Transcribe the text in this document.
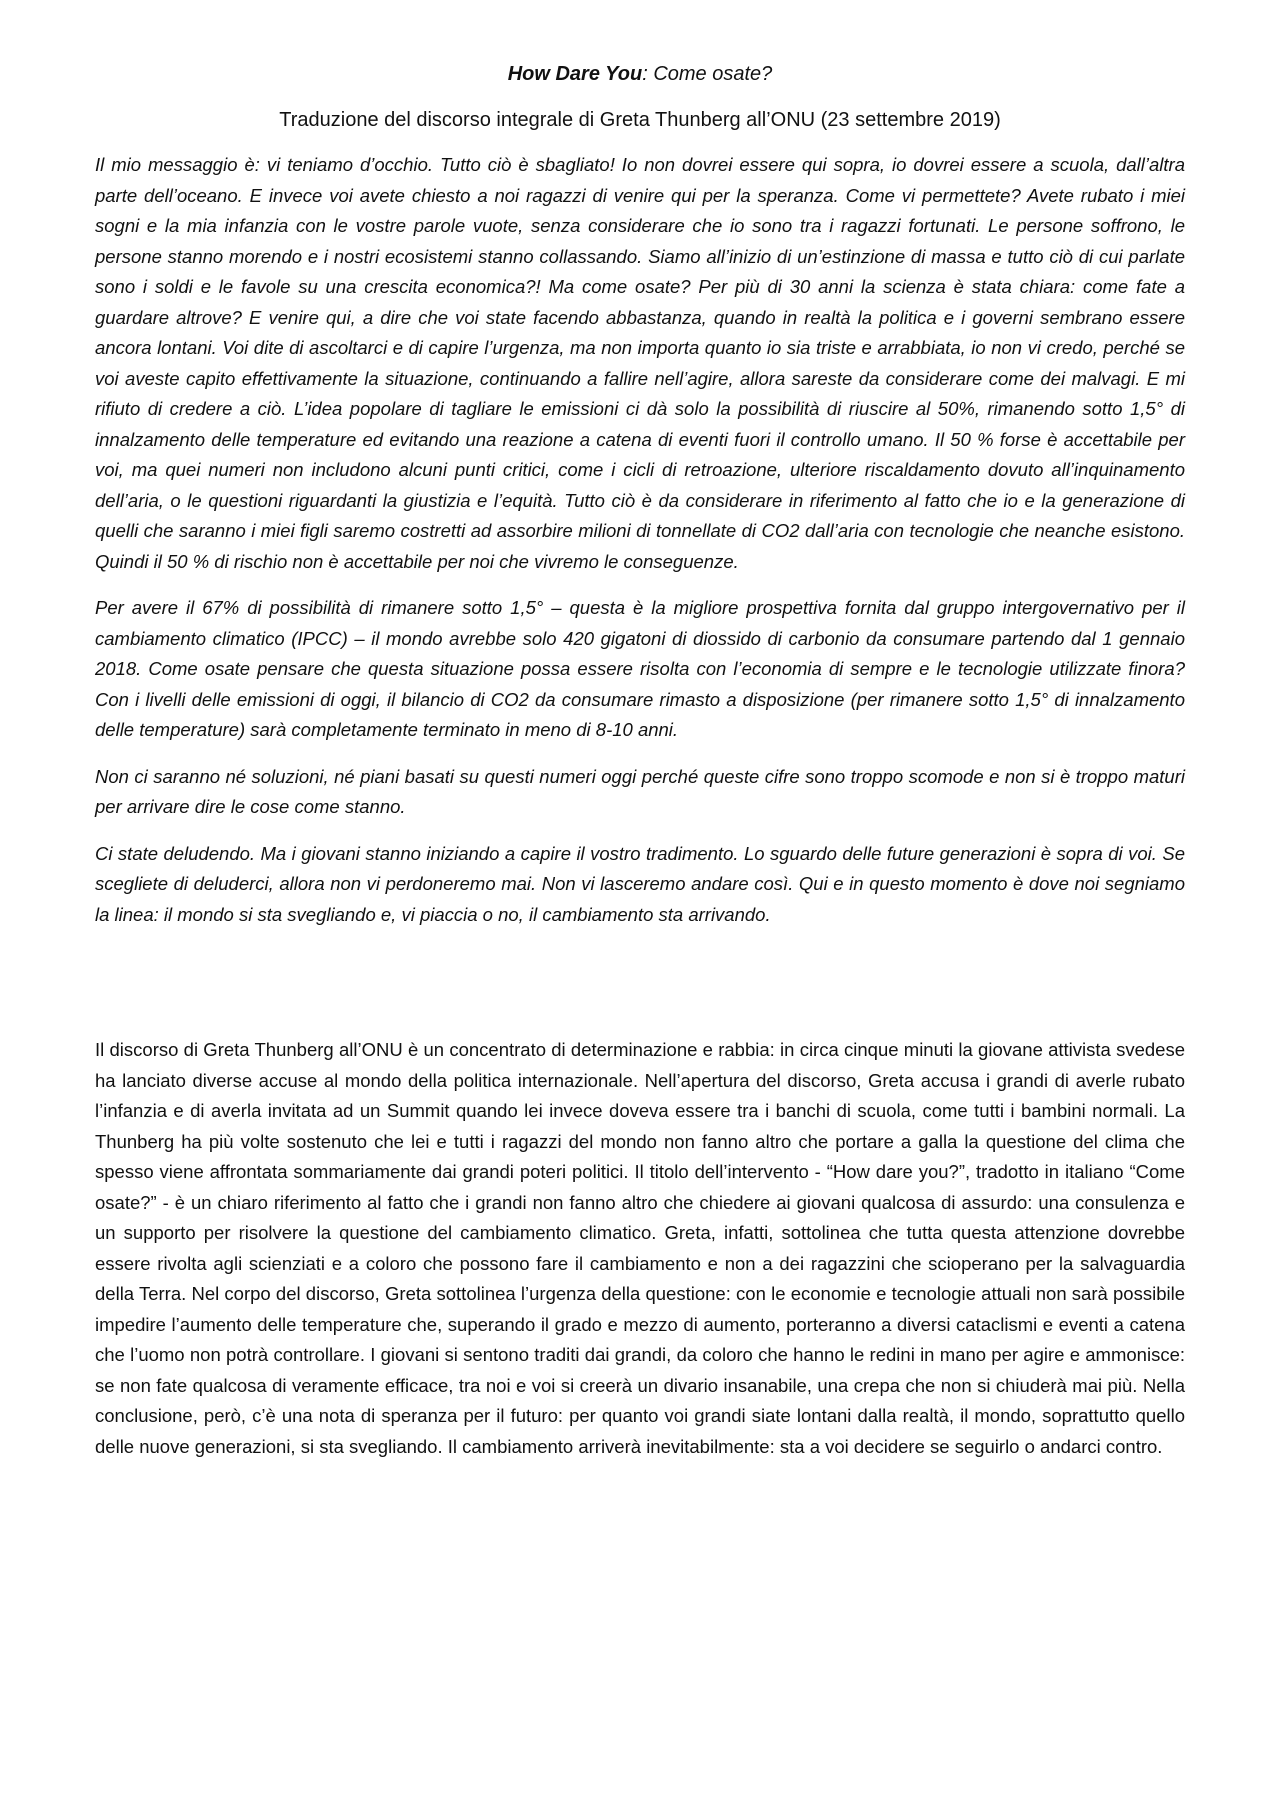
How Dare You: Come osate?
Traduzione del discorso integrale di Greta Thunberg all’ONU (23 settembre 2019)

Il mio messaggio è: vi teniamo d’occhio. Tutto ciò è sbagliato! Io non dovrei essere qui sopra, io dovrei essere a scuola, dall’altra parte dell’oceano. E invece voi avete chiesto a noi ragazzi di venire qui per la speranza. Come vi permettete? Avete rubato i miei sogni e la mia infanzia con le vostre parole vuote, senza considerare che io sono tra i ragazzi fortunati. Le persone soffrono, le persone stanno morendo e i nostri ecosistemi stanno collassando. Siamo all’inizio di un’estinzione di massa e tutto ciò di cui parlate sono i soldi e le favole su una crescita economica?! Ma come osate? Per più di 30 anni la scienza è stata chiara: come fate a guardare altrove? E venire qui, a dire che voi state facendo abbastanza, quando in realtà la politica e i governi sembrano essere ancora lontani. Voi dite di ascoltarci e di capire l’urgenza, ma non importa quanto io sia triste e arrabbiata, io non vi credo, perché se voi aveste capito effettivamente la situazione, continuando a fallire nell’agire, allora sareste da considerare come dei malvagi. E mi rifiuto di credere a ciò. L’idea popolare di tagliare le emissioni ci dà solo la possibilità di riuscire al 50%, rimanendo sotto 1,5° di innalzamento delle temperature ed evitando una reazione a catena di eventi fuori il controllo umano. Il 50 % forse è accettabile per voi, ma quei numeri non includono alcuni punti critici, come i cicli di retroazione, ulteriore riscaldamento dovuto all’inquinamento dell’aria, o le questioni riguardanti la giustizia e l’equità. Tutto ciò è da considerare in riferimento al fatto che io e la generazione di quelli che saranno i miei figli saremo costretti ad assorbire milioni di tonnellate di CO2 dall’aria con tecnologie che neanche esistono. Quindi il 50 % di rischio non è accettabile per noi che vivremo le conseguenze.

Per avere il 67% di possibilità di rimanere sotto 1,5° – questa è la migliore prospettiva fornita dal gruppo intergovernativo per il cambiamento climatico (IPCC) – il mondo avrebbe solo 420 gigatoni di diossido di carbonio da consumare partendo dal 1 gennaio 2018. Come osate pensare che questa situazione possa essere risolta con l’economia di sempre e le tecnologie utilizzate finora? Con i livelli delle emissioni di oggi, il bilancio di CO2 da consumare rimasto a disposizione (per rimanere sotto 1,5° di innalzamento delle temperature) sarà completamente terminato in meno di 8-10 anni.

Non ci saranno né soluzioni, né piani basati su questi numeri oggi perché queste cifre sono troppo scomode e non si è troppo maturi per arrivare dire le cose come stanno.

Ci state deludendo. Ma i giovani stanno iniziando a capire il vostro tradimento. Lo sguardo delle future generazioni è sopra di voi. Se scegliete di deluderci, allora non vi perdoneremo mai. Non vi lasceremo andare così. Qui e in questo momento è dove noi segniamo la linea: il mondo si sta svegliando e, vi piaccia o no, il cambiamento sta arrivando.

Il discorso di Greta Thunberg all’ONU è un concentrato di determinazione e rabbia: in circa cinque minuti la giovane attivista svedese ha lanciato diverse accuse al mondo della politica internazionale. Nell’apertura del discorso, Greta accusa i grandi di averle rubato l’infanzia e di averla invitata ad un Summit quando lei invece doveva essere tra i banchi di scuola, come tutti i bambini normali. La Thunberg ha più volte sostenuto che lei e tutti i ragazzi del mondo non fanno altro che portare a galla la questione del clima che spesso viene affrontata sommariamente dai grandi poteri politici. Il titolo dell’intervento - “How dare you?”, tradotto in italiano “Come osate?” - è un chiaro riferimento al fatto che i grandi non fanno altro che chiedere ai giovani qualcosa di assurdo: una consulenza e un supporto per risolvere la questione del cambiamento climatico. Greta, infatti, sottolinea che tutta questa attenzione dovrebbe essere rivolta agli scienziati e a coloro che possono fare il cambiamento e non a dei ragazzini che scioperano per la salvaguardia della Terra. Nel corpo del discorso, Greta sottolinea l’urgenza della questione: con le economie e tecnologie attuali non sarà possibile impedire l’aumento delle temperature che, superando il grado e mezzo di aumento, porteranno a diversi cataclismi e eventi a catena che l’uomo non potrà controllare. I giovani si sentono traditi dai grandi, da coloro che hanno le redini in mano per agire e ammonisce: se non fate qualcosa di veramente efficace, tra noi e voi si creerà un divario insanabile, una crepa che non si chiuderà mai più. Nella conclusione, però, c’è una nota di speranza per il futuro: per quanto voi grandi siate lontani dalla realtà, il mondo, soprattutto quello delle nuove generazioni, si sta svegliando. Il cambiamento arriverà inevitabilmente: sta a voi decidere se seguirlo o andarci contro.
